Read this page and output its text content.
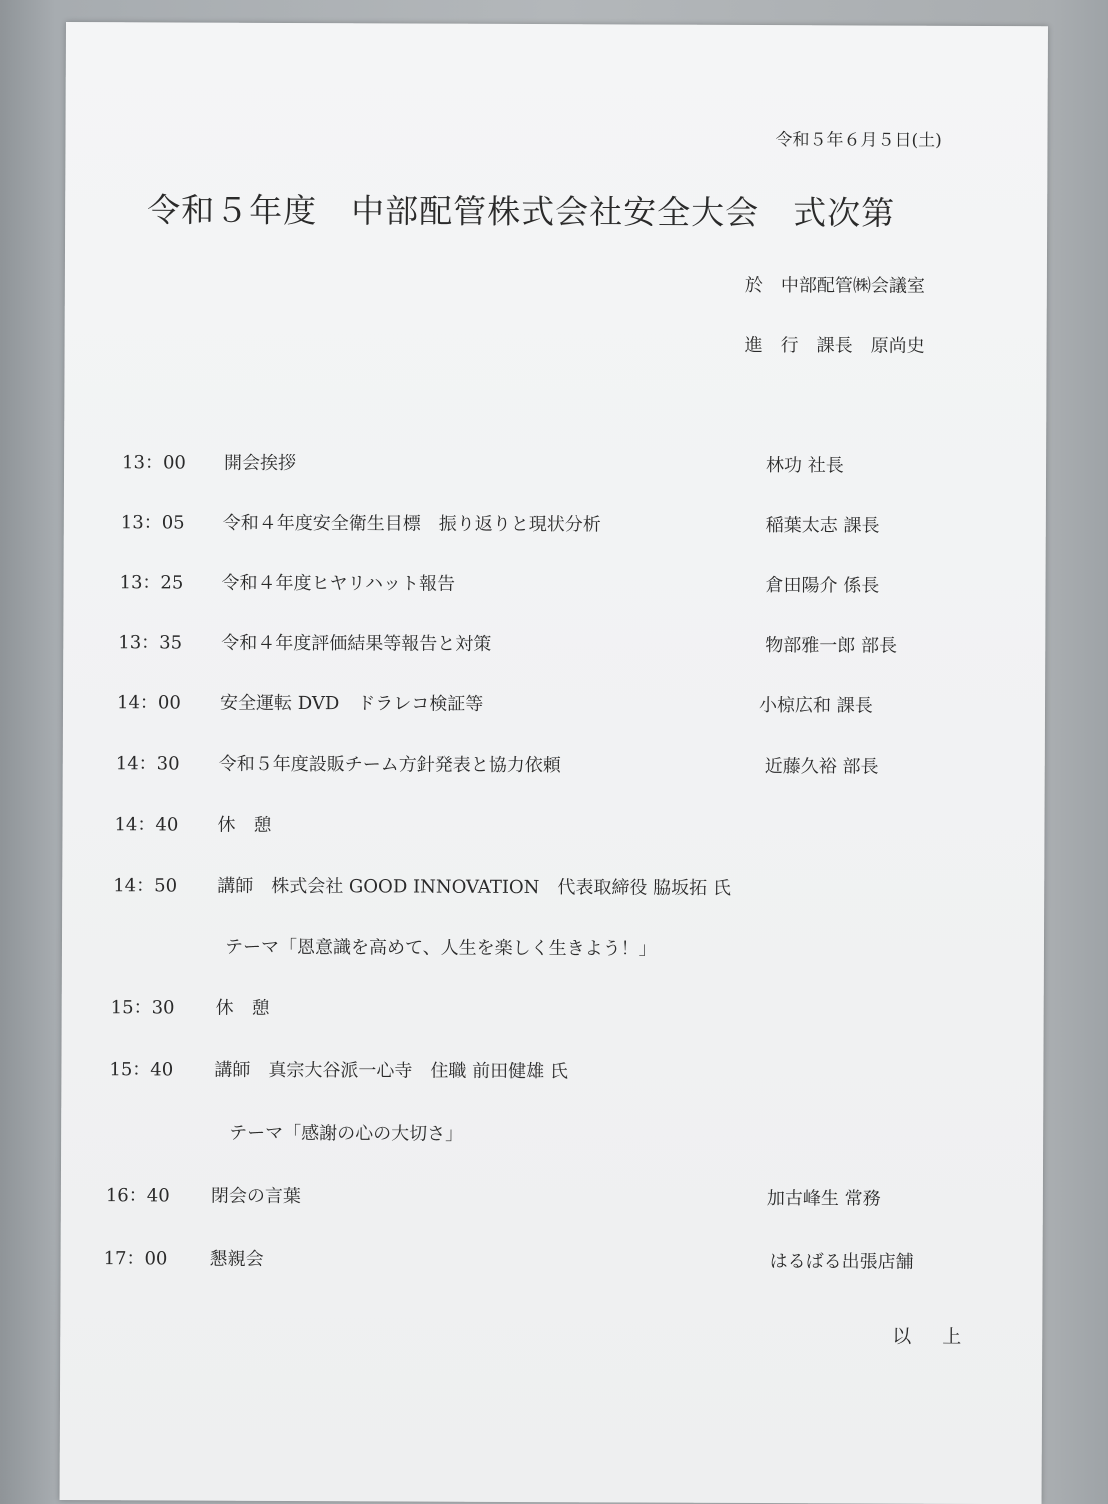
令和５年６月５日(土)
令和５年度　中部配管株式会社安全大会　式次第
於　中部配管㈱会議室
進　行　課長　原尚史
13：00 開会挨拶	林功 社長
13：05 令和４年度安全衛生目標　振り返りと現状分析	稲葉太志 課長
13：25 令和４年度ヒヤリハット報告	倉田陽介 係長
13：35 令和４年度評価結果等報告と対策	物部雅一郎 部長
14：00 安全運転 DVD　ドラレコ検証等	小椋広和 課長
14：30 令和５年度設販チーム方針発表と協力依頼	近藤久裕 部長
14：40 休　憩
14：50 講師　株式会社 GOOD INNOVATION　代表取締役 脇坂拓 氏
テーマ「恩意識を高めて、人生を楽しく生きよう！」
15：30 休　憩
15：40 講師　真宗大谷派一心寺　住職 前田健雄 氏
テーマ「感謝の心の大切さ」
16：40 閉会の言葉	加古峰生 常務
17：00 懇親会	はるばる出張店舗
以　上
